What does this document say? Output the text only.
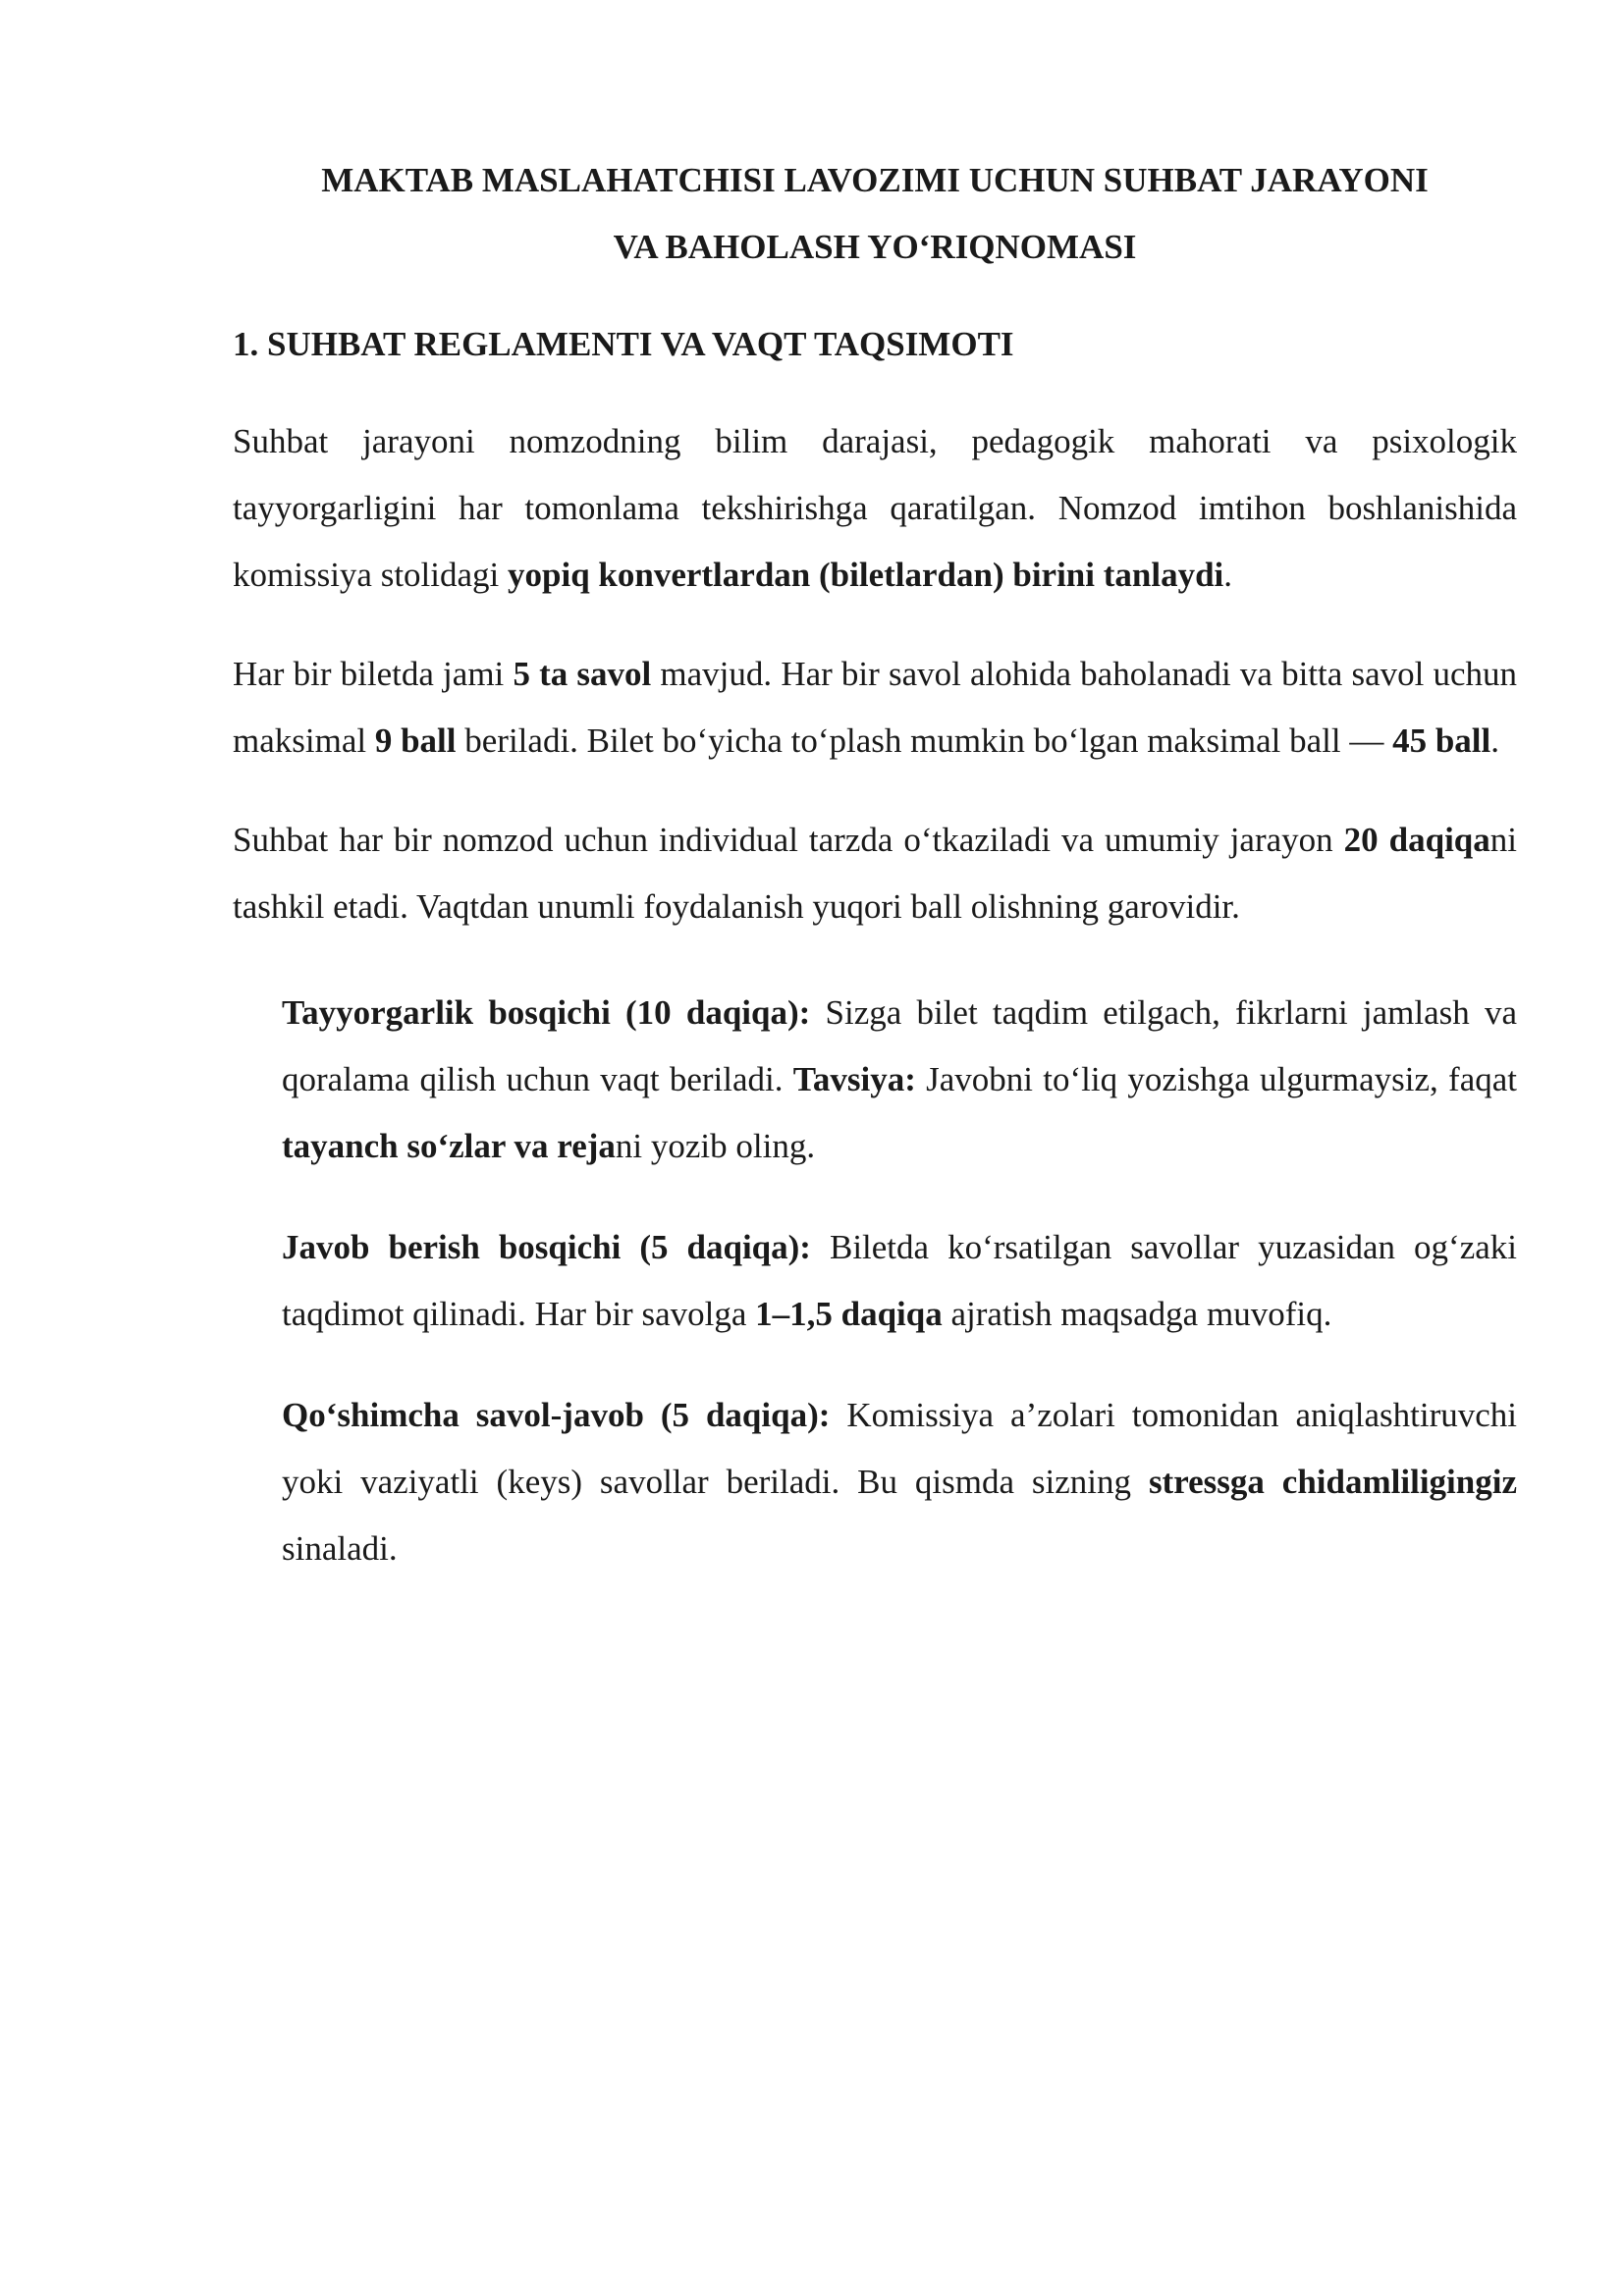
MAKTAB MASLAHATCHISI LAVOZIMI UCHUN SUHBAT JARAYONI
VA BAHOLASH YO‘RIQNOMASI
1. SUHBAT REGLAMENTI VA VAQT TAQSIMOTI

Suhbat jarayoni nomzodning bilim darajasi, pedagogik mahorati va psixologik tayyorgarligini har tomonlama tekshirishga qaratilgan. Nomzod imtihon boshlanishida komissiya stolidagi yopiq konvertlardan (biletlardan) birini tanlaydi.

Har bir biletda jami 5 ta savol mavjud. Har bir savol alohida baholanadi va bitta savol uchun maksimal 9 ball beriladi. Bilet bo‘yicha to‘plash mumkin bo‘lgan maksimal ball — 45 ball.

Suhbat har bir nomzod uchun individual tarzda o‘tkaziladi va umumiy jarayon 20 daqiqani tashkil etadi. Vaqtdan unumli foydalanish yuqori ball olishning garovidir.

Tayyorgarlik bosqichi (10 daqiqa): Sizga bilet taqdim etilgach, fikrlarni jamlash va qoralama qilish uchun vaqt beriladi. Tavsiya: Javobni to‘liq yozishga ulgurmaysiz, faqat tayanch so‘zlar va rejani yozib oling.

Javob berish bosqichi (5 daqiqa): Biletda ko‘rsatilgan savollar yuzasidan og‘zaki taqdimot qilinadi. Har bir savolga 1–1,5 daqiqa ajratish maqsadga muvofiq.

Qo‘shimcha savol-javob (5 daqiqa): Komissiya a’zolari tomonidan aniqlashtiruvchi yoki vaziyatli (keys) savollar beriladi. Bu qismda sizning stressga chidamliligingiz sinaladi.
